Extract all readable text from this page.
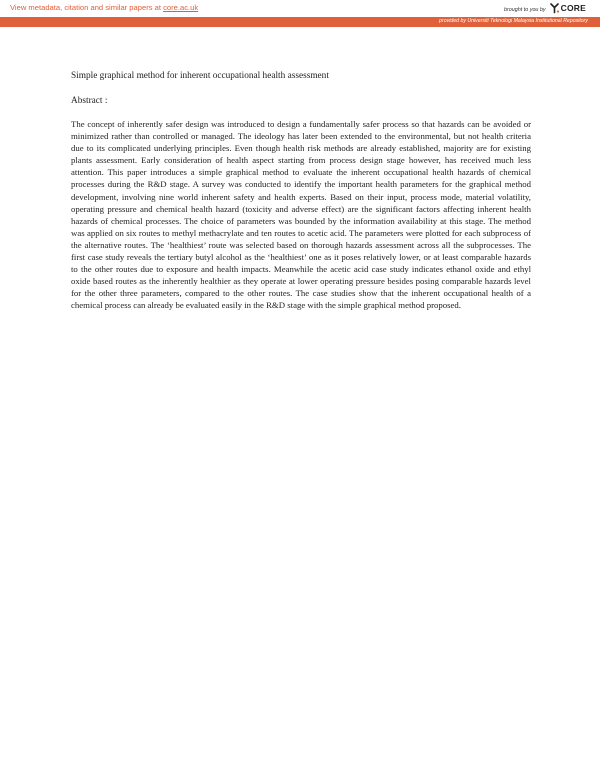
View metadata, citation and similar papers at core.ac.uk	brought to you by CORE
provided by Universiti Teknologi Malaysia Institutional Repository
Simple graphical method for inherent occupational health assessment
Abstract :
The concept of inherently safer design was introduced to design a fundamentally safer process so that hazards can be avoided or minimized rather than controlled or managed. The ideology has later been extended to the environmental, but not health criteria due to its complicated underlying principles. Even though health risk methods are already established, majority are for existing plants assessment. Early consideration of health aspect starting from process design stage however, has received much less attention. This paper introduces a simple graphical method to evaluate the inherent occupational health hazards of chemical processes during the R&D stage. A survey was conducted to identify the important health parameters for the graphical method development, involving nine world inherent safety and health experts. Based on their input, process mode, material volatility, operating pressure and chemical health hazard (toxicity and adverse effect) are the significant factors affecting inherent health hazards of chemical processes. The choice of parameters was bounded by the information availability at this stage. The method was applied on six routes to methyl methacrylate and ten routes to acetic acid. The parameters were plotted for each subprocess of the alternative routes. The ‘healthiest’ route was selected based on thorough hazards assessment across all the subprocesses. The first case study reveals the tertiary butyl alcohol as the ‘healthiest’ one as it poses relatively lower, or at least comparable hazards to the other routes due to exposure and health impacts. Meanwhile the acetic acid case study indicates ethanol oxide and ethyl oxide based routes as the inherently healthier as they operate at lower operating pressure besides posing comparable hazards level for the other three parameters, compared to the other routes. The case studies show that the inherent occupational health of a chemical process can already be evaluated easily in the R&D stage with the simple graphical method proposed.
